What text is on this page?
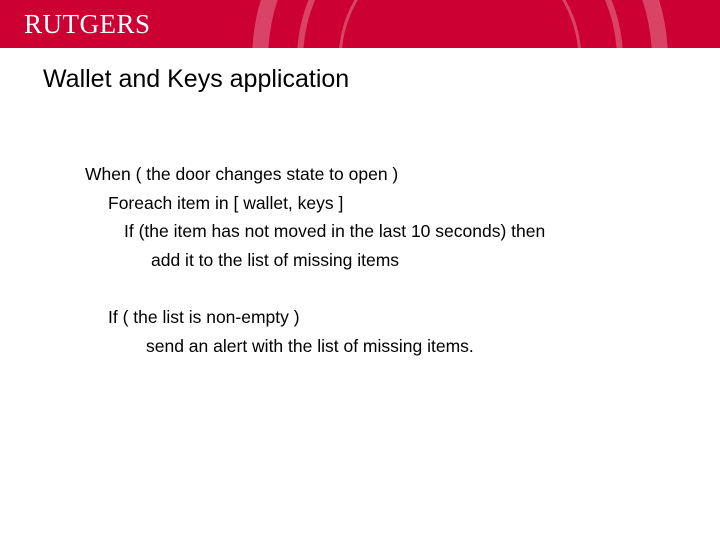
RUTGERS
Wallet and Keys application
When ( the door changes state to open )
Foreach item in [ wallet, keys ]
If (the item has not moved in the last 10 seconds) then
add it to the list of missing items
If ( the list is non-empty )
send an alert with the list of missing items.
